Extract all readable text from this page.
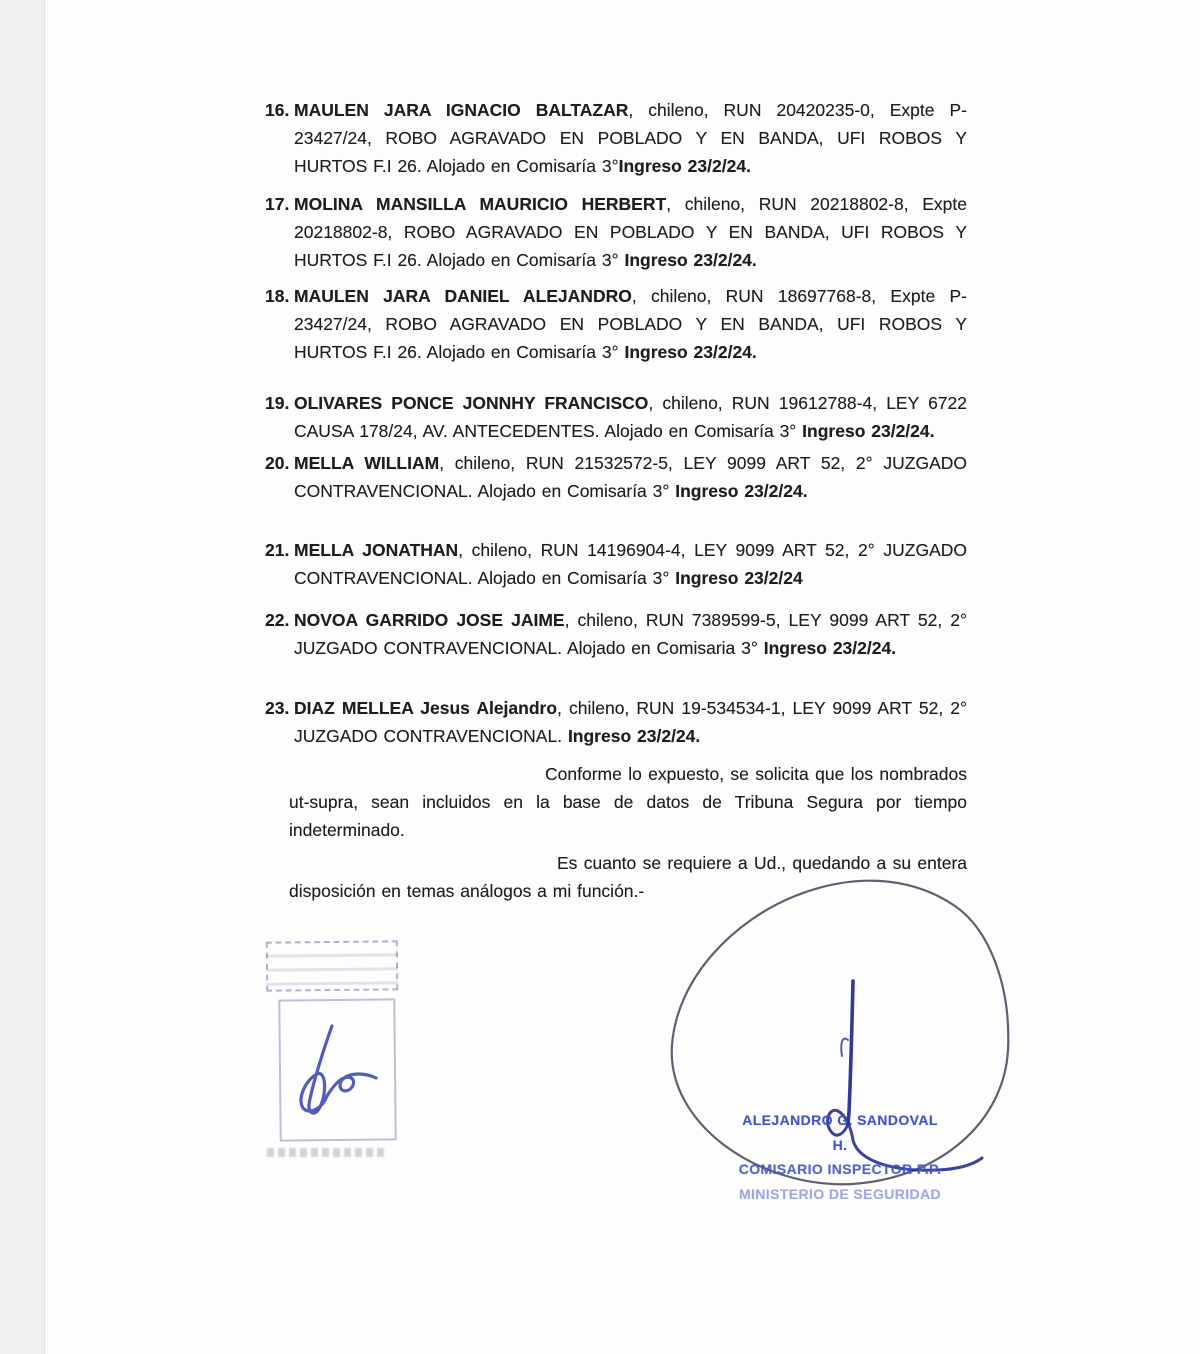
16. MAULEN JARA IGNACIO BALTAZAR, chileno, RUN 20420235-0, Expte P-23427/24, ROBO AGRAVADO EN POBLADO Y EN BANDA, UFI ROBOS Y HURTOS F.I 26. Alojado en Comisaría 3°Ingreso 23/2/24.
17. MOLINA MANSILLA MAURICIO HERBERT, chileno, RUN 20218802-8, Expte 20218802-8, ROBO AGRAVADO EN POBLADO Y EN BANDA, UFI ROBOS Y HURTOS F.I 26. Alojado en Comisaría 3° Ingreso 23/2/24.
18. MAULEN JARA DANIEL ALEJANDRO, chileno, RUN 18697768-8, Expte P-23427/24, ROBO AGRAVADO EN POBLADO Y EN BANDA, UFI ROBOS Y HURTOS F.I 26. Alojado en Comisaría 3° Ingreso 23/2/24.
19. OLIVARES PONCE JONNHY FRANCISCO, chileno, RUN 19612788-4, LEY 6722 CAUSA 178/24, AV. ANTECEDENTES. Alojado en Comisaría 3° Ingreso 23/2/24.
20. MELLA WILLIAM, chileno, RUN 21532572-5, LEY 9099 ART 52, 2° JUZGADO CONTRAVENCIONAL. Alojado en Comisaría 3° Ingreso 23/2/24.
21. MELLA JONATHAN, chileno, RUN 14196904-4, LEY 9099 ART 52, 2° JUZGADO CONTRAVENCIONAL. Alojado en Comisaría 3° Ingreso 23/2/24
22. NOVOA GARRIDO JOSE JAIME, chileno, RUN 7389599-5, LEY 9099 ART 52, 2° JUZGADO CONTRAVENCIONAL. Alojado en Comisaria 3° Ingreso 23/2/24.
23. DIAZ MELLEA Jesus Alejandro, chileno, RUN 19-534534-1, LEY 9099 ART 52, 2° JUZGADO CONTRAVENCIONAL. Ingreso 23/2/24.

Conforme lo expuesto, se solicita que los nombrados ut-supra, sean incluidos en la base de datos de Tribuna Segura por tiempo indeterminado.

Es cuanto se requiere a Ud., quedando a su entera disposición en temas análogos a mi función.-

ALEJANDRO G. SANDOVAL H.
COMISARIO INSPECTOR P.P.
MINISTERIO DE SEGURIDAD
